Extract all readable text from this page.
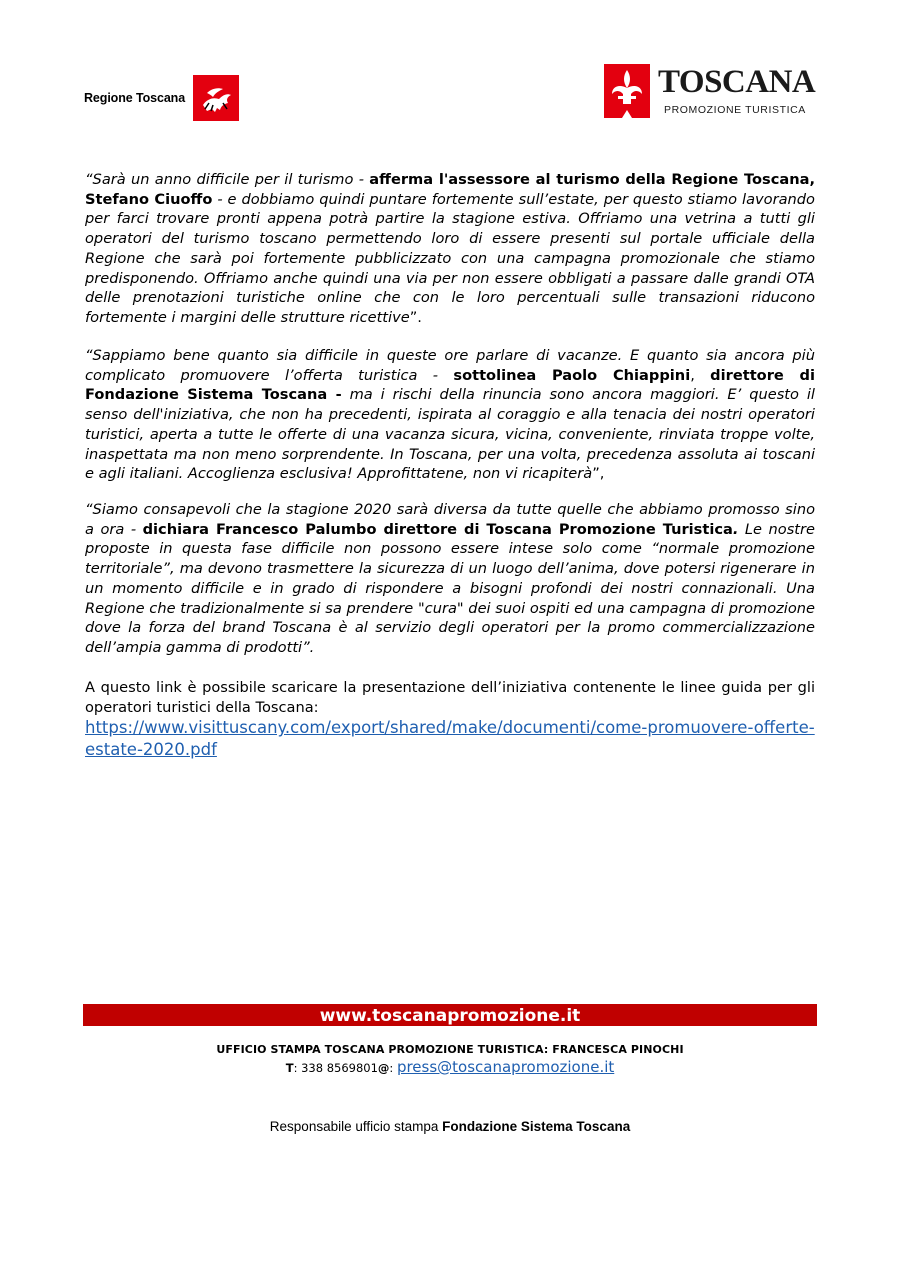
Regione Toscana	TOSCANA
PROMOZIONE TURISTICA
“Sarà un anno difficile per il turismo - afferma l'assessore al turismo della Regione Toscana, Stefano Ciuoffo - e dobbiamo quindi puntare fortemente sull’estate, per questo stiamo lavorando per farci trovare pronti appena potrà partire la stagione estiva. Offriamo una vetrina a tutti gli operatori del turismo toscano permettendo loro di essere presenti sul portale ufficiale della Regione che sarà poi fortemente pubblicizzato con una campagna promozionale che stiamo predisponendo. Offriamo anche quindi una via per non essere obbligati a passare dalle grandi OTA delle prenotazioni turistiche online che con le loro percentuali sulle transazioni riducono fortemente i margini delle strutture ricettive”.
“Sappiamo bene quanto sia difficile in queste ore parlare di vacanze. E quanto sia ancora più complicato promuovere l’offerta turistica - sottolinea Paolo Chiappini, direttore di Fondazione Sistema Toscana - ma i rischi della rinuncia sono ancora maggiori. E’ questo il senso dell'iniziativa, che non ha precedenti, ispirata al coraggio e alla tenacia dei nostri operatori turistici, aperta a tutte le offerte di una vacanza sicura, vicina, conveniente, rinviata troppe volte, inaspettata ma non meno sorprendente. In Toscana, per una volta, precedenza assoluta ai toscani e agli italiani. Accoglienza esclusiva! Approfittatene, non vi ricapiterà”,
“Siamo consapevoli che la stagione 2020 sarà diversa da tutte quelle che abbiamo promosso sino a ora - dichiara Francesco Palumbo direttore di Toscana Promozione Turistica. Le nostre proposte in questa fase difficile non possono essere intese solo come “normale promozione territoriale”, ma devono trasmettere la sicurezza di un luogo dell’anima, dove potersi rigenerare in un momento difficile e in grado di rispondere a bisogni profondi dei nostri connazionali. Una Regione che tradizionalmente si sa prendere "cura" dei suoi ospiti ed una campagna di promozione dove la forza del brand Toscana è al servizio degli operatori per la promo commercializzazione dell’ampia gamma di prodotti”.
A questo link è possibile scaricare la presentazione dell’iniziativa contenente le linee guida per gli operatori turistici della Toscana:
https://www.visittuscany.com/export/shared/make/documenti/come-promuovere-offerte-estate-2020.pdf
www.toscanapromozione.it
UFFICIO STAMPA TOSCANA PROMOZIONE TURISTICA: FRANCESCA PINOCHI
T: 338 8569801@: press@toscanapromozione.it
Responsabile ufficio stampa Fondazione Sistema Toscana
